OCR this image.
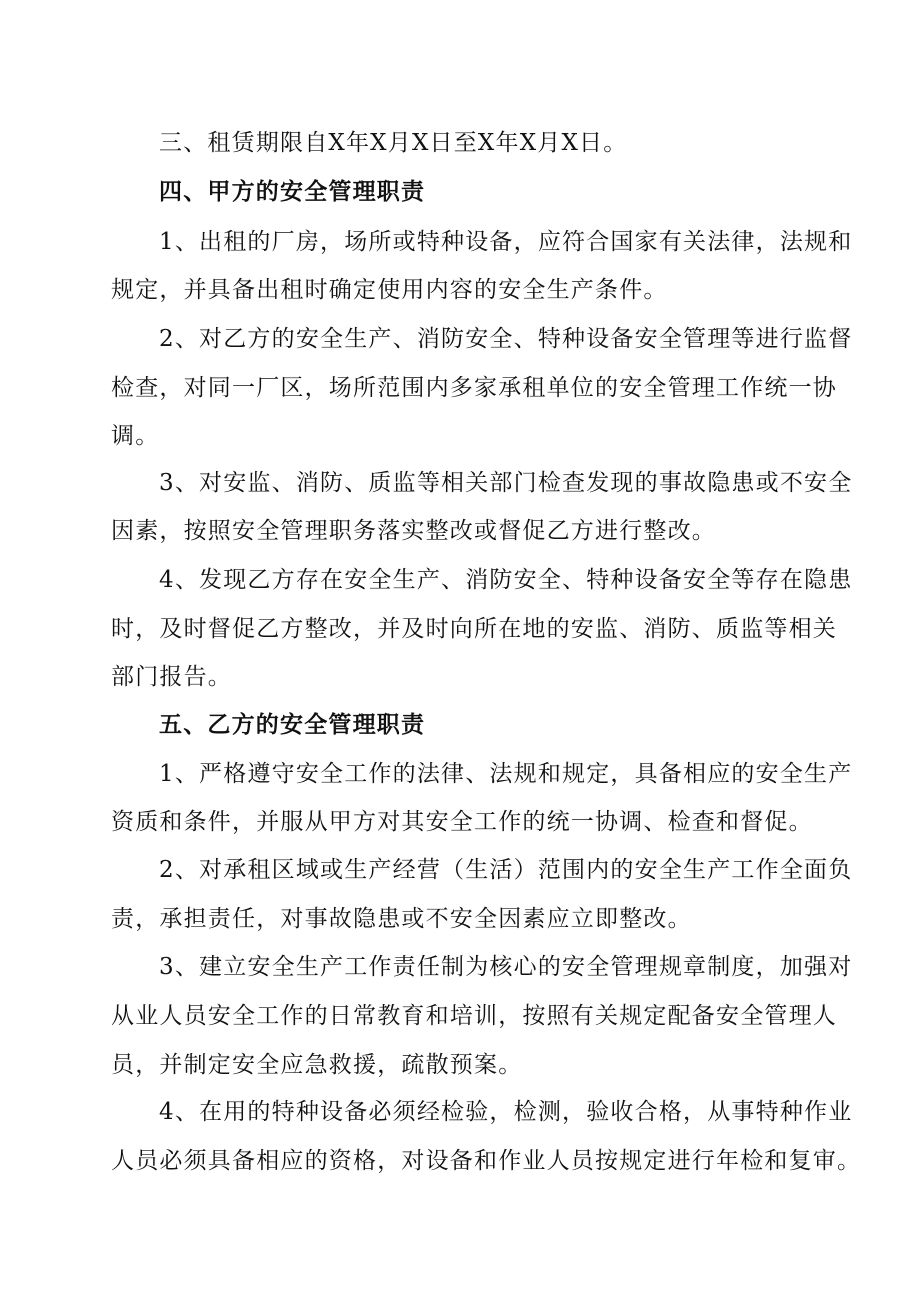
三、租赁期限自X年X月X日至X年X月X日。
四、甲方的安全管理职责
1、出租的厂房，场所或特种设备，应符合国家有关法律，法规和
规定，并具备出租时确定使用内容的安全生产条件。
2、对乙方的安全生产、消防安全、特种设备安全管理等进行监督
检查，对同一厂区，场所范围内多家承租单位的安全管理工作统一协
调。
3、对安监、消防、质监等相关部门检查发现的事故隐患或不安全
因素，按照安全管理职务落实整改或督促乙方进行整改。
4、发现乙方存在安全生产、消防安全、特种设备安全等存在隐患
时，及时督促乙方整改，并及时向所在地的安监、消防、质监等相关
部门报告。
五、乙方的安全管理职责
1、严格遵守安全工作的法律、法规和规定，具备相应的安全生产
资质和条件，并服从甲方对其安全工作的统一协调、检查和督促。
2、对承租区域或生产经营（生活）范围内的安全生产工作全面负
责，承担责任，对事故隐患或不安全因素应立即整改。
3、建立安全生产工作责任制为核心的安全管理规章制度，加强对
从业人员安全工作的日常教育和培训，按照有关规定配备安全管理人
员，并制定安全应急救援，疏散预案。
4、在用的特种设备必须经检验，检测，验收合格，从事特种作业
人员必须具备相应的资格，对设备和作业人员按规定进行年检和复审。
